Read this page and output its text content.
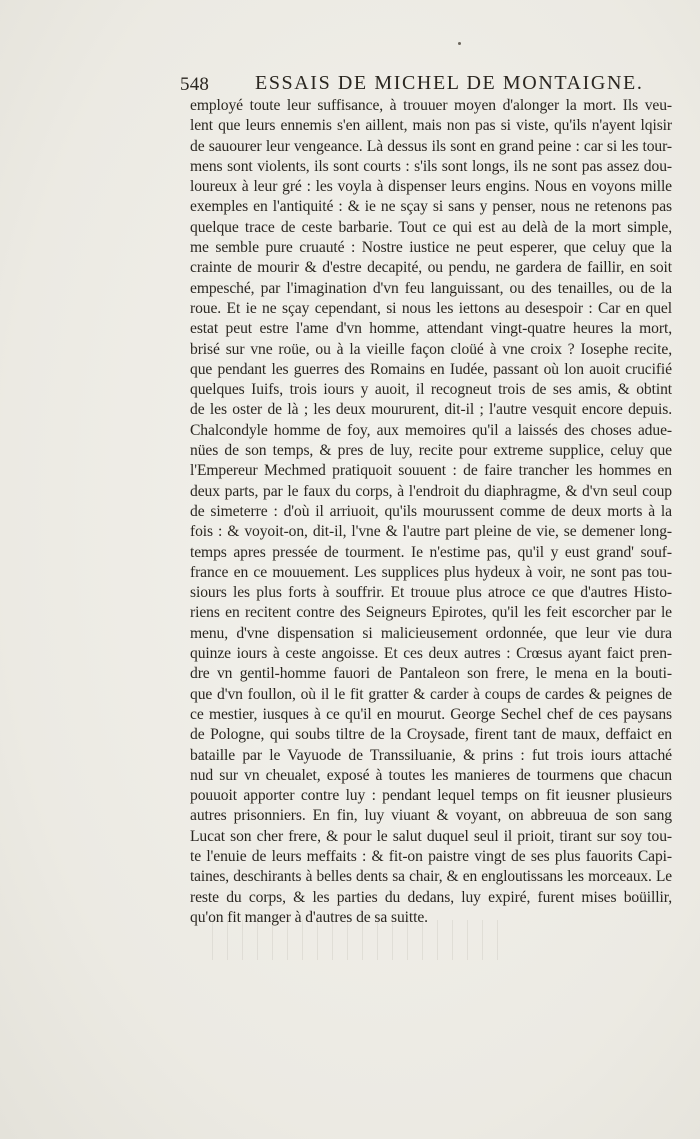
548 ESSAIS DE MICHEL DE MONTAIGNE.
employé toute leur suffisance, à trouuer moyen d'alonger la mort. Ils veu-
lent que leurs ennemis s'en aillent, mais non pas si viste, qu'ils n'ayent lqisir
de sauourer leur vengeance. Là dessus ils sont en grand peine : car si les tour-
mens sont violents, ils sont courts : s'ils sont longs, ils ne sont pas assez dou-
loureux à leur gré : les voyla à dispenser leurs engins. Nous en voyons mille
exemples en l'antiquité : & ie ne sçay si sans y penser, nous ne retenons pas
quelque trace de ceste barbarie. Tout ce qui est au delà de la mort simple,
me semble pure cruauté : Nostre iustice ne peut esperer, que celuy que la
crainte de mourir & d'estre decapité, ou pendu, ne gardera de faillir, en soit
empesché, par l'imagination d'vn feu languissant, ou des tenailles, ou de la
roue. Et ie ne sçay cependant, si nous les iettons au desespoir : Car en quel
estat peut estre l'ame d'vn homme, attendant vingt-quatre heures la mort,
brisé sur vne roüe, ou à la vieille façon cloüé à vne croix ? Iosephe recite,
que pendant les guerres des Romains en Iudée, passant où lon auoit crucifié
quelques Iuifs, trois iours y auoit, il recogneut trois de ses amis, & obtint
de les oster de là ; les deux moururent, dit-il ; l'autre vesquit encore depuis.
Chalcondyle homme de foy, aux memoires qu'il a laissés des choses adue-
nües de son temps, & pres de luy, recite pour extreme supplice, celuy que
l'Empereur Mechmed pratiquoit souuent : de faire trancher les hommes en
deux parts, par le faux du corps, à l'endroit du diaphragme, & d'vn seul coup
de simeterre : d'où il arriuoit, qu'ils mourussent comme de deux morts à la
fois : & voyoit-on, dit-il, l'vne & l'autre part pleine de vie, se demener long-
temps apres pressée de tourment. Ie n'estime pas, qu'il y eust grand' souf-
france en ce mouuement. Les supplices plus hydeux à voir, ne sont pas tou-
siours les plus forts à souffrir. Et trouue plus atroce ce que d'autres Histo-
riens en recitent contre des Seigneurs Epirotes, qu'il les feit escorcher par le
menu, d'vne dispensation si malicieusement ordonnée, que leur vie dura
quinze iours à ceste angoisse. Et ces deux autres : Crœsus ayant faict pren-
dre vn gentil-homme fauori de Pantaleon son frere, le mena en la bouti-
que d'vn foullon, où il le fit gratter & carder à coups de cardes & peignes de
ce mestier, iusques à ce qu'il en mourut. George Sechel chef de ces paysans
de Pologne, qui soubs tiltre de la Croysade, firent tant de maux, deffaict en
bataille par le Vayuode de Transsiluanie, & prins : fut trois iours attaché
nud sur vn cheualet, exposé à toutes les manieres de tourmens que chacun
pouuoit apporter contre luy : pendant lequel temps on fit ieusner plusieurs
autres prisonniers. En fin, luy viuant & voyant, on abbreuua de son sang
Lucat son cher frere, & pour le salut duquel seul il prioit, tirant sur soy tou-
te l'enuie de leurs meffaits : & fit-on paistre vingt de ses plus fauorits Capi-
taines, deschirants à belles dents sa chair, & en engloutissans les morceaux. Le
reste du corps, & les parties du dedans, luy expiré, furent mises boüillir,
qu'on fit manger à d'autres de sa suitte.
